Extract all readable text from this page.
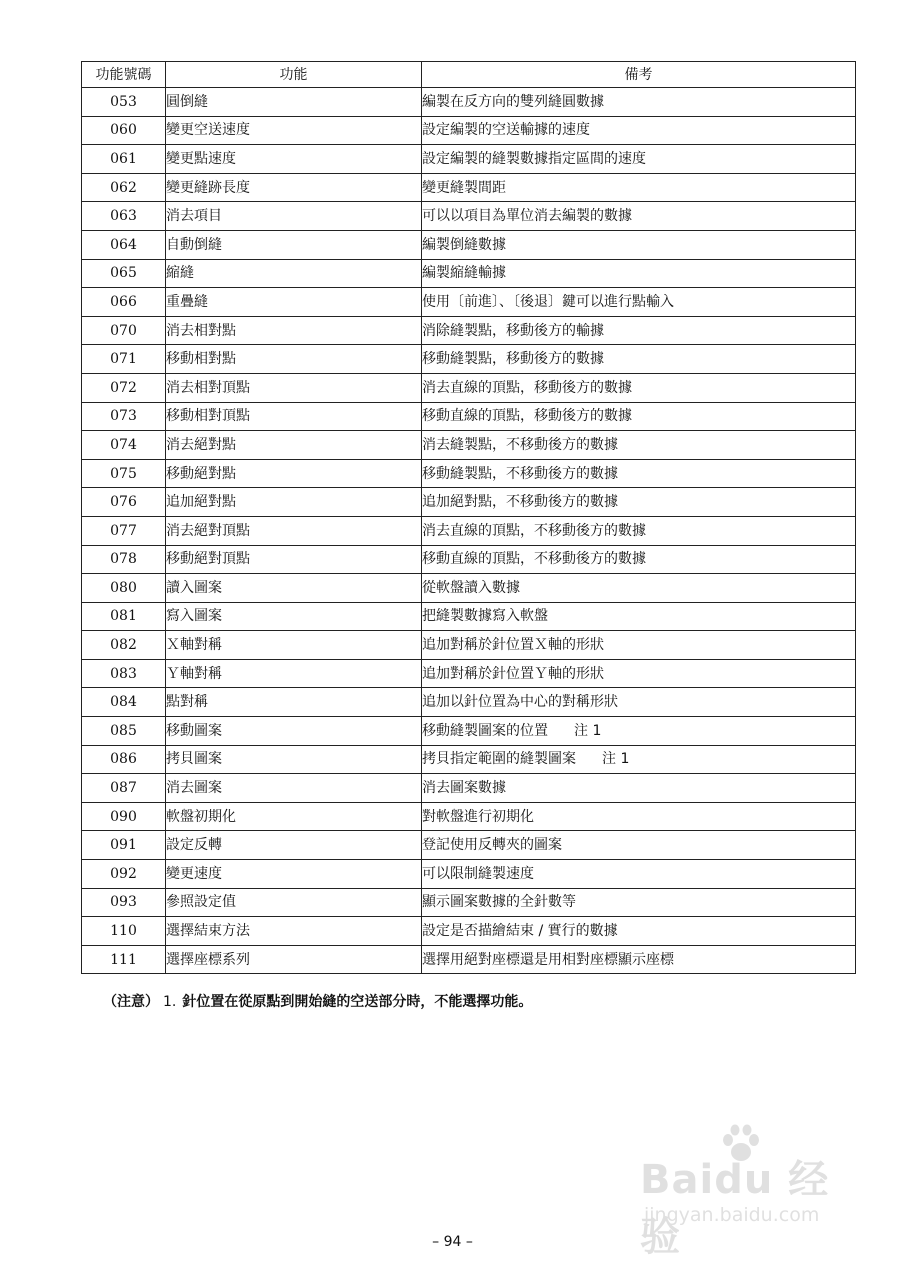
功能號碼	功能	備考
053	圓倒縫	編製在反方向的雙列縫圓數據
060	變更空送速度	設定編製的空送輸據的速度
061	變更點速度	設定編製的縫製數據指定區間的速度
062	變更縫跡長度	變更縫製間距
063	消去項目	可以以項目為單位消去編製的數據
064	自動倒縫	編製倒縫數據
065	縮縫	編製縮縫輸據
066	重疊縫	使用〔前進〕、〔後退〕鍵可以進行點輸入
070	消去相對點	消除縫製點，移動後方的輸據
071	移動相對點	移動縫製點，移動後方的數據
072	消去相對頂點	消去直線的頂點，移動後方的數據
073	移動相對頂點	移動直線的頂點，移動後方的數據
074	消去絕對點	消去縫製點，不移動後方的數據
075	移動絕對點	移動縫製點，不移動後方的數據
076	追加絕對點	追加絕對點，不移動後方的數據
077	消去絕對頂點	消去直線的頂點，不移動後方的數據
078	移動絕對頂點	移動直線的頂點，不移動後方的數據
080	讀入圖案	從軟盤讀入數據
081	寫入圖案	把縫製數據寫入軟盤
082	Ｘ軸對稱	追加對稱於針位置Ｘ軸的形狀
083	Ｙ軸對稱	追加對稱於針位置Ｙ軸的形狀
084	點對稱	追加以針位置為中心的對稱形狀
085	移動圖案	移動縫製圖案的位置 注 1
086	拷貝圖案	拷貝指定範圍的縫製圖案 注 1
087	消去圖案	消去圖案數據
090	軟盤初期化	對軟盤進行初期化
091	設定反轉	登記使用反轉夾的圖案
092	變更速度	可以限制縫製速度
093	參照設定值	顯示圖案數據的全針數等
110	選擇結束方法	設定是否描繪結束 / 實行的數據
111	選擇座標系列	選擇用絕對座標還是用相對座標顯示座標
（注意） 1. 針位置在從原點到開始縫的空送部分時，不能選擇功能。
Baidu 经验
jingyan.baidu.com
– 94 –
